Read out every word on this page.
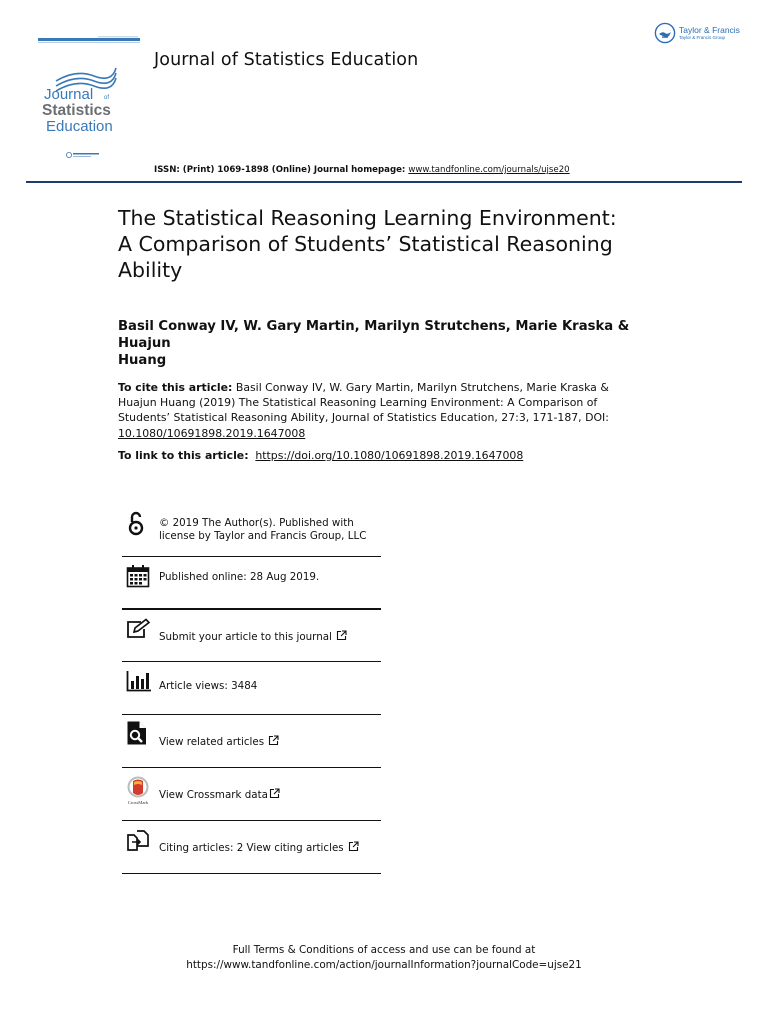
Journal of
Statistics
Education
Journal of Statistics Education
Taylor & Francis
Taylor & Francis Group
ISSN: (Print) 1069-1898 (Online) Journal homepage: www.tandfonline.com/journals/ujse20
The Statistical Reasoning Learning Environment:
A Comparison of Students’ Statistical Reasoning
Ability
Basil Conway IV, W. Gary Martin, Marilyn Strutchens, Marie Kraska & Huajun
Huang
To cite this article: Basil Conway IV, W. Gary Martin, Marilyn Strutchens, Marie Kraska &
Huajun Huang (2019) The Statistical Reasoning Learning Environment: A Comparison of
Students’ Statistical Reasoning Ability, Journal of Statistics Education, 27:3, 171-187, DOI:
10.1080/10691898.2019.1647008
To link to this article: https://doi.org/10.1080/10691898.2019.1647008
© 2019 The Author(s). Published with
license by Taylor and Francis Group, LLC
Published online: 28 Aug 2019.
Submit your article to this journal
Article views: 3484
View related articles
CrossMark
View Crossmark data
Citing articles: 2 View citing articles
Full Terms & Conditions of access and use can be found at
https://www.tandfonline.com/action/journalInformation?journalCode=ujse21
